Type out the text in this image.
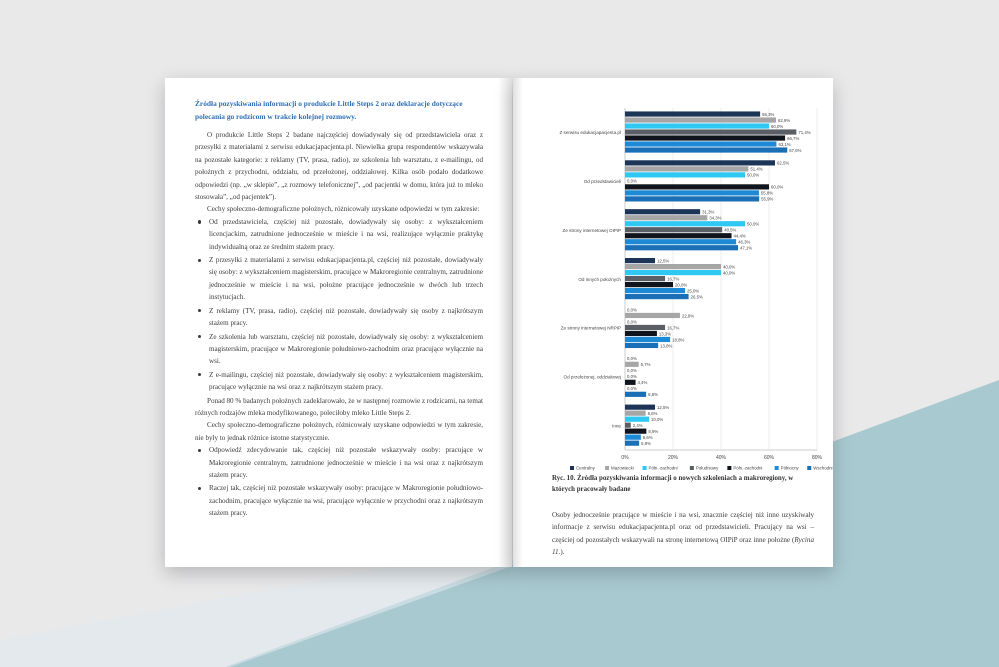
Źródła pozyskiwania informacji o produkcie Little Steps 2 oraz deklaracje dotyczące polecania go rodzicom w trakcie kolejnej rozmowy.

O produkcie Little Steps 2 badane najczęściej dowiadywały się od przedstawiciela oraz z przesyłki z materiałami z serwisu edukacjapacjenta.pl. Niewielka grupa respondentów wskazywała na pozostałe kategorie: z reklamy (TV, prasa, radio), ze szkolenia lub warsztatu, z e-mailingu, od położnych z przychodni, oddziału, od przełożonej, oddziałowej. Kilka osób podało dodatkowe odpowiedzi (np. „w sklepie”, „z rozmowy telefonicznej”, „od pacjentki w domu, która już to mleko stosowała”, „od pacjentek”).

Cechy społeczno-demograficzne położnych, różnicowały uzyskane odpowiedzi w tym zakresie:

Od przedstawiciela, częściej niż pozostałe, dowiadywały się osoby: z wykształceniem licencjackim, zatrudnione jednocześnie w mieście i na wsi, realizujące wyłącznie praktykę indywidualną oraz ze średnim stażem pracy.
Z przesyłki z materiałami z serwisu edukacjapacjenta.pl, częściej niż pozostałe, dowiadywały się osoby: z wykształceniem magisterskim, pracujące w Makroregionie centralnym, zatrudnione jednocześnie w mieście i na wsi, położne pracujące jednocześnie w dwóch lub trzech instytucjach.
Z reklamy (TV, prasa, radio), częściej niż pozostałe, dowiadywały się osoby z najkrótszym stażem pracy.
Ze szkolenia lub warsztatu, częściej niż pozostałe, dowiadywały się osoby: z wykształceniem magisterskim, pracujące w Makroregionie południowo-zachodnim oraz pracujące wyłącznie na wsi.
Z e-mailingu, częściej niż pozostałe, dowiadywały się osoby: z wykształceniem magisterskim, pracujące wyłącznie na wsi oraz z najkrótszym stażem pracy.

Ponad 80 % badanych położnych zadeklarowało, że w następnej rozmowie z rodzicami, na temat różnych rodzajów mleka modyfikowanego, poleciłoby mleko Little Steps 2.

Cechy społeczno-demograficzne położnych, różnicowały uzyskane odpowiedzi w tym zakresie, nie były to jednak różnice istotne statystycznie.

Odpowiedź zdecydowanie tak, częściej niż pozostałe wskazywały osoby: pracujące w Makroregionie centralnym, zatrudnione jednocześnie w mieście i na wsi oraz z najkrótszym stażem pracy.
Raczej tak, częściej niż pozostałe wskazywały osoby: pracujące w Makroregionie południowo-zachodnim, pracujące wyłącznie na wsi, pracujące wyłącznie w przychodni oraz z najkrótszym stażem pracy.
0%	20%	40%	60%	80%
Z serwisu edukacjapacjenta.pl
56,3%
62,9%
60,0%
71,4%
66,7%
63,1%
67,6%
Od przedstawicieli
62,5%
51,4%
50,0%
0,0%
60,0%
55,8%
55,9%
Ze strony internetowej OIPiP
31,3%
34,3%
50,0%
40,5%
44,4%
46,3%
47,1%
Od innych położnych
12,5%
40,0%
40,0%
16,7%
20,0%
25,0%
26,5%
Ze strony internetowej NRPiP
0,0%
22,9%
0,0%
16,7%
13,3%
18,8%
13,8%
Od przełożonej, oddziałowej
0,0%
5,7%
0,0%
0,0%
4,4%
0,0%
8,8%
Inne
12,5%
8,6%
10,0%
2,4%
8,9%
6,6%
5,9%
Centralny	Mazowiecki	Półn.-zachodni	Południowy	Półn.-zachodni	Północny	Wschodni
Ryc. 10. Źródła pozyskiwania informacji o nowych szkoleniach a makroregiony, w których pracowały badane
Osoby jednocześnie pracujące w mieście i na wsi, znacznie częściej niż inne uzyskiwały informacje z serwisu edukacjapacjenta.pl oraz od przedstawicieli. Pracujący na wsi – częściej od pozostałych wskazywali na stronę internetową OIPiP oraz inne położne (Rycina 11.).
